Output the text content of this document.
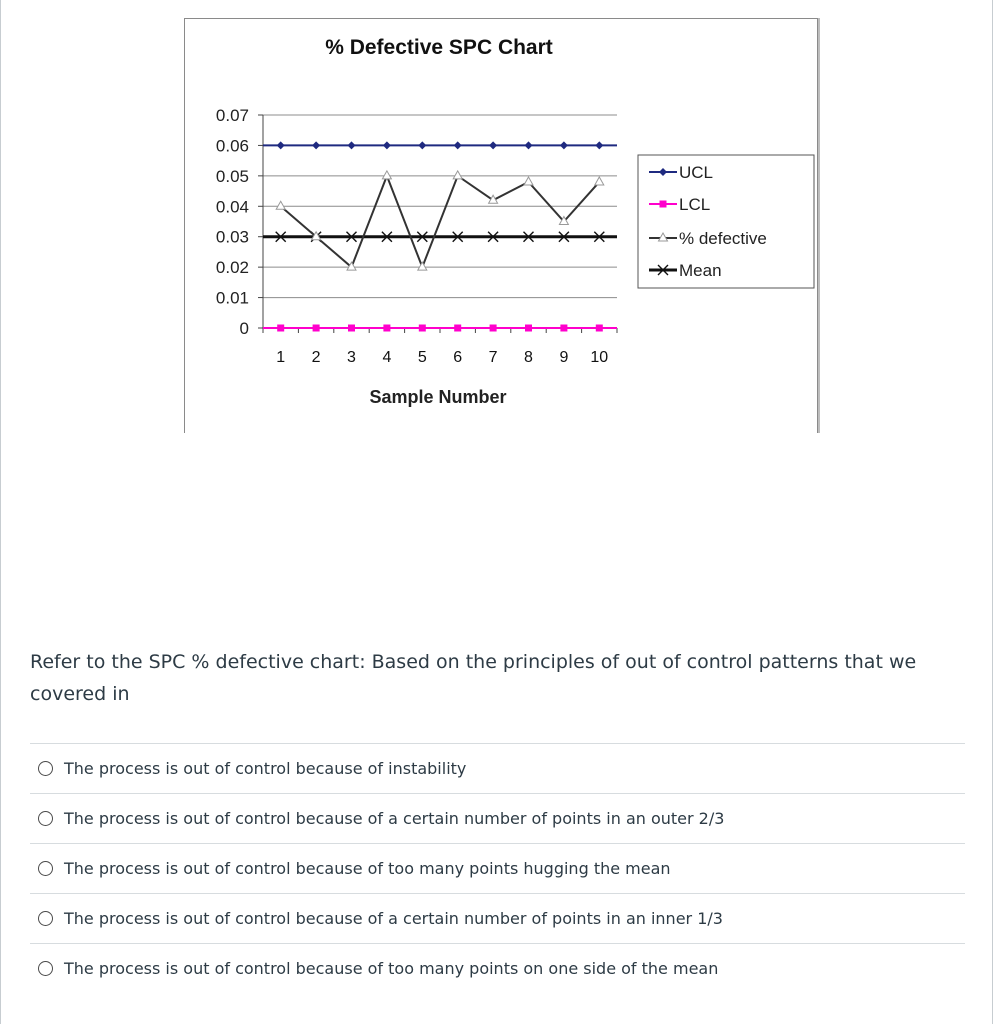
% Defective SPC Chart
0.07
0.06
0.05
0.04
0.03
0.02
0.01
0
1 2 3 4 5 6 7 8 9 10
Sample Number
UCL
LCL
% defective
Mean
Refer to the SPC % defective chart: Based on the principles of out of control patterns that we covered in
The process is out of control because of instability
The process is out of control because of a certain number of points in an outer 2/3
The process is out of control because of too many points hugging the mean
The process is out of control because of a certain number of points in an inner 1/3
The process is out of control because of too many points on one side of the mean
